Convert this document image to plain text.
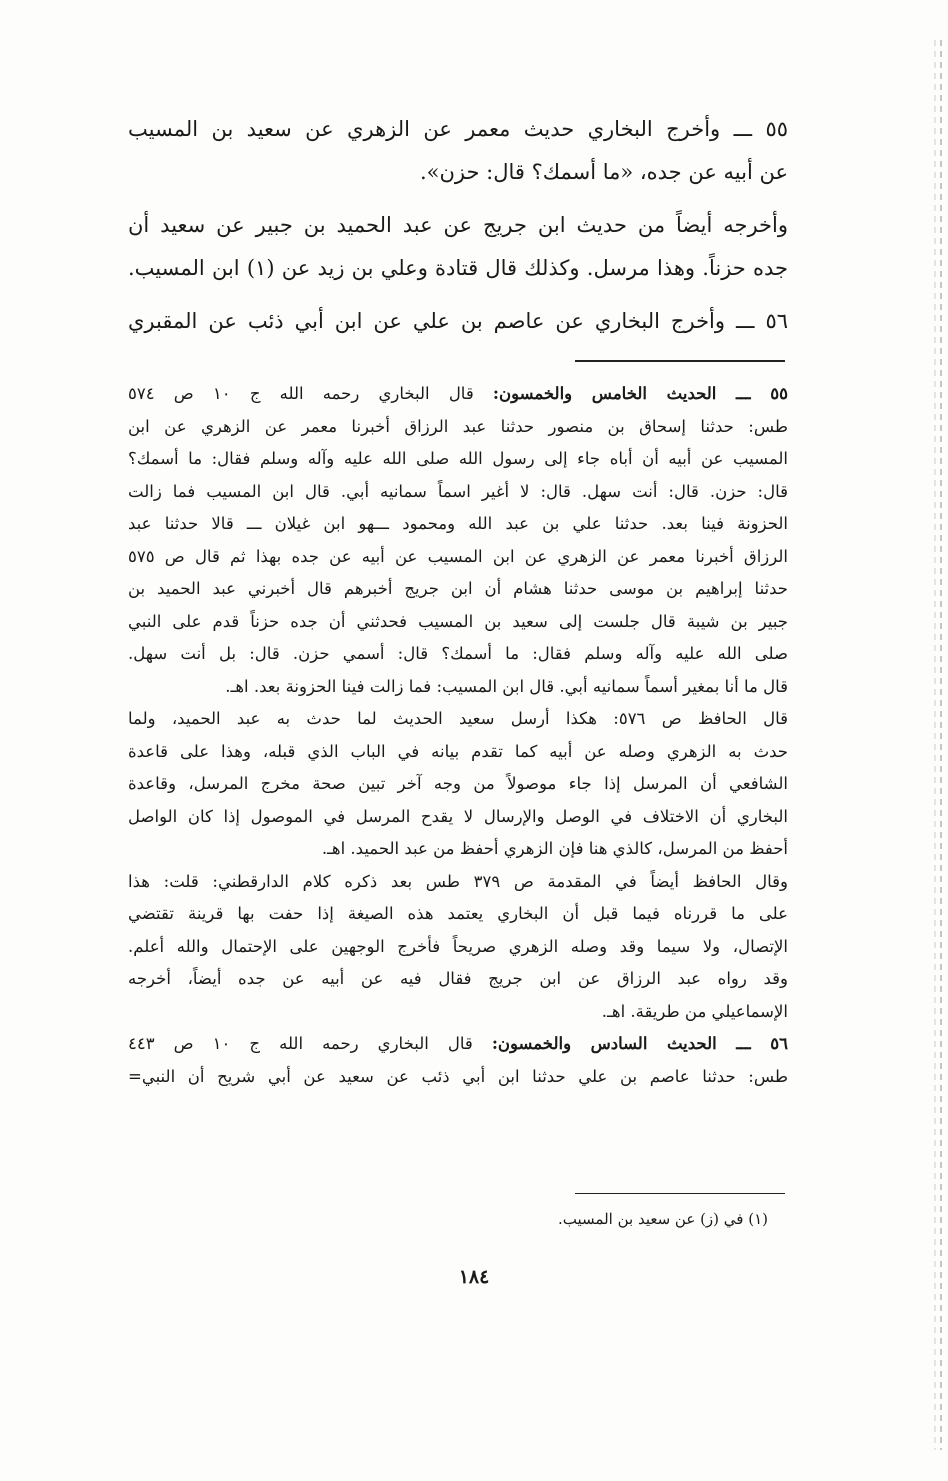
٥٥ ـــ وأخرج البخاري حديث معمر عن الزهري عن سعيد بن المسيب
عن أبيه عن جده، «ما أسمك؟ قال: حزن».
وأخرجه أيضاً من حديث ابن جريج عن عبد الحميد بن جبير عن سعيد أن
جده حزناً. وهذا مرسل. وكذلك قال قتادة وعلي بن زيد عن (١) ابن المسيب.
٥٦ ـــ وأخرج البخاري عن عاصم بن علي عن ابن أبي ذئب عن المقبري
٥٥ ـــ الحديث الخامس والخمسون: قال البخاري رحمه الله ج ١٠ ص ٥٧٤
طس: حدثنا إسحاق بن منصور حدثنا عبد الرزاق أخبرنا معمر عن الزهري عن ابن
المسيب عن أبيه أن أباه جاء إلى رسول الله صلى الله عليه وآله وسلم فقال: ما أسمك؟
قال: حزن. قال: أنت سهل. قال: لا أغير اسماً سمانيه أبي. قال ابن المسيب فما زالت
الحزونة فينا بعد. حدثنا علي بن عبد الله ومحمود ـــهو ابن غيلان ـــ قالا حدثنا عبد
الرزاق أخبرنا معمر عن الزهري عن ابن المسيب عن أبيه عن جده بهذا ثم قال ص ٥٧٥
حدثنا إبراهيم بن موسى حدثنا هشام أن ابن جريج أخبرهم قال أخبرني عبد الحميد بن
جبير بن شيبة قال جلست إلى سعيد بن المسيب فحدثني أن جده حزناً قدم على النبي
صلى الله عليه وآله وسلم فقال: ما أسمك؟ قال: أسمي حزن. قال: بل أنت سهل.
قال ما أنا بمغير أسماً سمانيه أبي. قال ابن المسيب: فما زالت فينا الحزونة بعد. اهـ.
قال الحافظ ص ٥٧٦: هكذا أرسل سعيد الحديث لما حدث به عبد الحميد، ولما
حدث به الزهري وصله عن أبيه كما تقدم بيانه في الباب الذي قبله، وهذا على قاعدة
الشافعي أن المرسل إذا جاء موصولاً من وجه آخر تبين صحة مخرج المرسل، وقاعدة
البخاري أن الاختلاف في الوصل والإرسال لا يقدح المرسل في الموصول إذا كان الواصل
أحفظ من المرسل، كالذي هنا فإن الزهري أحفظ من عبد الحميد. اهـ.
وقال الحافظ أيضاً في المقدمة ص ٣٧٩ طس بعد ذكره كلام الدارقطني: قلت: هذا
على ما قررناه فيما قبل أن البخاري يعتمد هذه الصيغة إذا حفت بها قرينة تقتضي
الإتصال، ولا سيما وقد وصله الزهري صريحاً فأخرج الوجهين على الإحتمال والله أعلم.
وقد رواه عبد الرزاق عن ابن جريج فقال فيه عن أبيه عن جده أيضاً، أخرجه
الإسماعيلي من طريقة. اهـ.
٥٦ ـــ الحديث السادس والخمسون: قال البخاري رحمه الله ج ١٠ ص ٤٤٣
طس: حدثنا عاصم بن علي حدثنا ابن أبي ذئب عن سعيد عن أبي شريح أن النبي=
(١) في (ز) عن سعيد بن المسيب.
١٨٤
